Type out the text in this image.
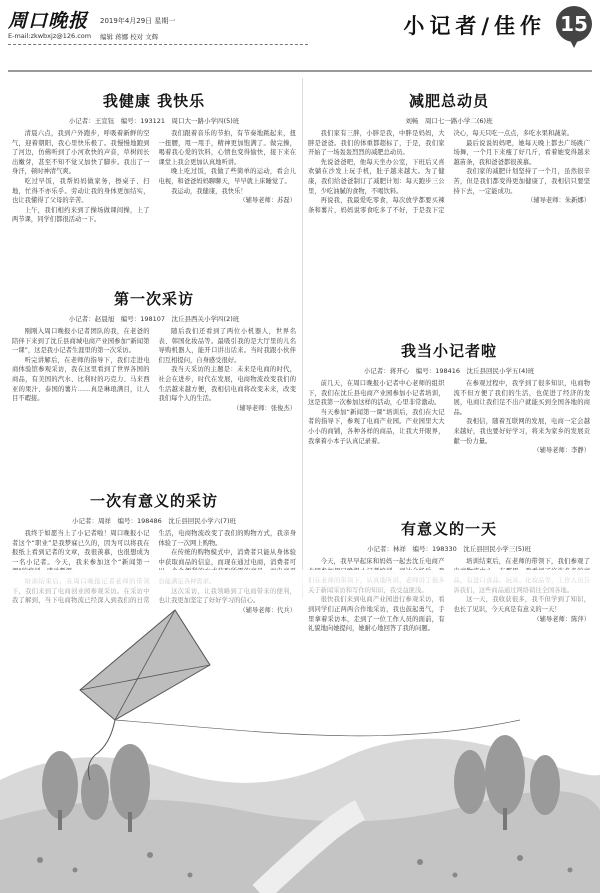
周口晚报 2019年4月29日 星期一
E-mail:zkwbxjz@126.com 编辑 蒋娜 校对 文辉	小记者/佳作 15
我健康 我快乐
小记者：王宣钰　编号：193121　周口大一路小学四(5)班

清晨六点，我到户外跑步，呼吸着新鲜的空气，迎着朝阳，我心里快乐极了。我慢慢地跑到了河边，仿佛听到了小河欢快的声音，草树间长出嫩芽，甚至不知不觉又加快了脚步。我出了一身汗，顿时神清气爽。

吃过早饭，我帮妈妈做家务，擦桌子、扫地，忙得不亦乐乎。劳动让我的身体更加结实，也让我懂得了父母的辛苦。

上午，我们相约来到了操场做课间操，上了两节课，同学们都很活动一下。

我们跟着音乐的节拍，有节奏地跳起来，扭一扭腰，甩一甩手，精神更加饱满了。做完操，喝着我心爱的饮料，心情也变得愉快，接下来在课堂上我会更加认真地听讲。

晚上吃过饭，我做了些简单的运动，看会儿电视，和爸爸妈妈聊聊天，早早就上床睡觉了。

我运动，我健康，我快乐！

（辅导老师：苏磊）

第一次采访
小记者：赵晨旭　编号：198107　沈丘县西关小学四(2)班

刚刚入周口晚报小记者团队的我，在老爸的陪伴下来到了沈丘县商城电商产业园参加“新闻第一课”，这是我小记者生涯里的第一次采访。

听完讲解后，在老师的指导下，我们走进电商体验馆参观采访，我在这里看到了世界各国的商品，有美国的汽水、比利时的巧克力、马来西亚的果汁、泰国的薯片……真是琳琅满目，让人目不暇接。

随后我们还看到了两位小机器人，世界名表、韩国化妆品等。最吸引我的是大厅里的儿名导购机器人，能开口讲出话来。当时我跟小伙伴们互相提问，自身感受很好。

我当天采访的主题是：未来是电商的时代，社会在进步，时代在发展，电商物流改变我们的生活越来越方便，我相信电商将改变未来，改变我们每个人的生活。

（辅导老师：张俊杰）

一次有意义的采访
小记者：周祥　编号：198486　沈丘县回民小学六(7)班

我终于如愿当上了小记者啦！周口晚报小记者这个“职业”是我梦寐已久的，因为可以将我在报纸上看到记者的文章，我很羡慕，也很想成为一名小记者。今天，我来参加这个“新闻第一

生活，电商物流改变了我们的购物方式，我亲身体验了一次网上购物。

在传统的购物模式中，消费者只能从身体验中获取商品的信息，而现在通过电商，消费者可

减肥总动员
刘畅　周口七一路小学二(6)班

我们家有三胖，小胖是我，中胖是妈妈，大胖是爸爸。我们的体重都超标了，于是，我们家开始了一场轰轰烈烈的减肥总动员。

先说爸爸吧，他每天坐办公室，下班后又喜欢躺在沙发上玩手机，肚子越来越大。为了健康，我们给爸爸制订了减肥计划：每天跑步三公里，少吃油腻的食物，不喝饮料。

再说我，我最爱吃零食，每次放学都要买辣条和薯片，妈妈说零食吃多了不好，于是我下定决心，每天只吃一点点，多吃水果和蔬菜。

最后说说妈妈吧，她每天晚上都去广场跳广场舞，一个月下来瘦了好几斤，看着她变得越来越苗条，我和爸爸都很羡慕。

我们家的减肥计划坚持了一个月，虽然很辛苦，但是我们都变得更加健康了，我相信只要坚持下去，一定能成功。

（辅导老师：朱新娜）

我当小记者啦
小记者：蒋开心　编号：198416　沈丘县回民小学五(4)班

前几天，在周口晚报小记者中心老师的组织下，我们在沈丘县电商产业园参加小记者培训，这是我第一次参加这样的活动，心里非常激动。

当天参加“新闻第一课”培训后，我们在大记者的指导下，参观了电商产业园。产业园里大大小小的商铺，各种各样的商品，让我大开眼界，我拿着小本子认真记录着。

在参观过程中，我学到了很多知识，电商物流不但方便了我们的生活，也促进了经济的发展，电商让我们足不出户就能买到全国各地的商品。

我相信，随着互联网的发展，电商一定会越来越好，我也要好好学习，将来为家乡的发展贡献一份力量。

（辅导老师：李静）

有意义的一天
小记者：林祥　编号：198330　沈丘县回民小学三(5)班

今天，我早早起床和妈妈一起去沈丘电商产	培训结束后，在老师的带领下，我们参观了
